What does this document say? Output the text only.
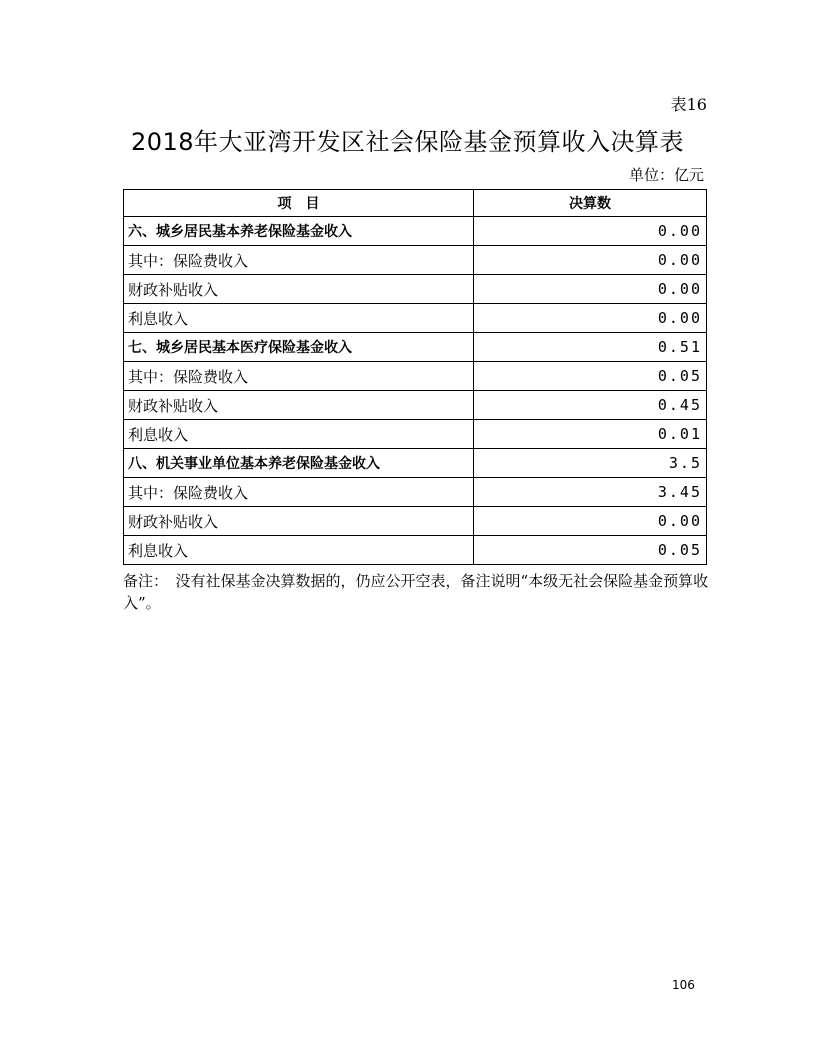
表16
2018年大亚湾开发区社会保险基金预算收入决算表
单位：亿元
项　目	决算数
六、城乡居民基本养老保险基金收入	0.00
其中：保险费收入	0.00
财政补贴收入	0.00
利息收入	0.00
七、城乡居民基本医疗保险基金收入	0.51
其中：保险费收入	0.05
财政补贴收入	0.45
利息收入	0.01
八、机关事业单位基本养老保险基金收入	3.5
其中：保险费收入	3.45
财政补贴收入	0.00
利息收入	0.05
备注：　没有社保基金决算数据的，仍应公开空表，备注说明“本级无社会保险基金预算收入”。
106
